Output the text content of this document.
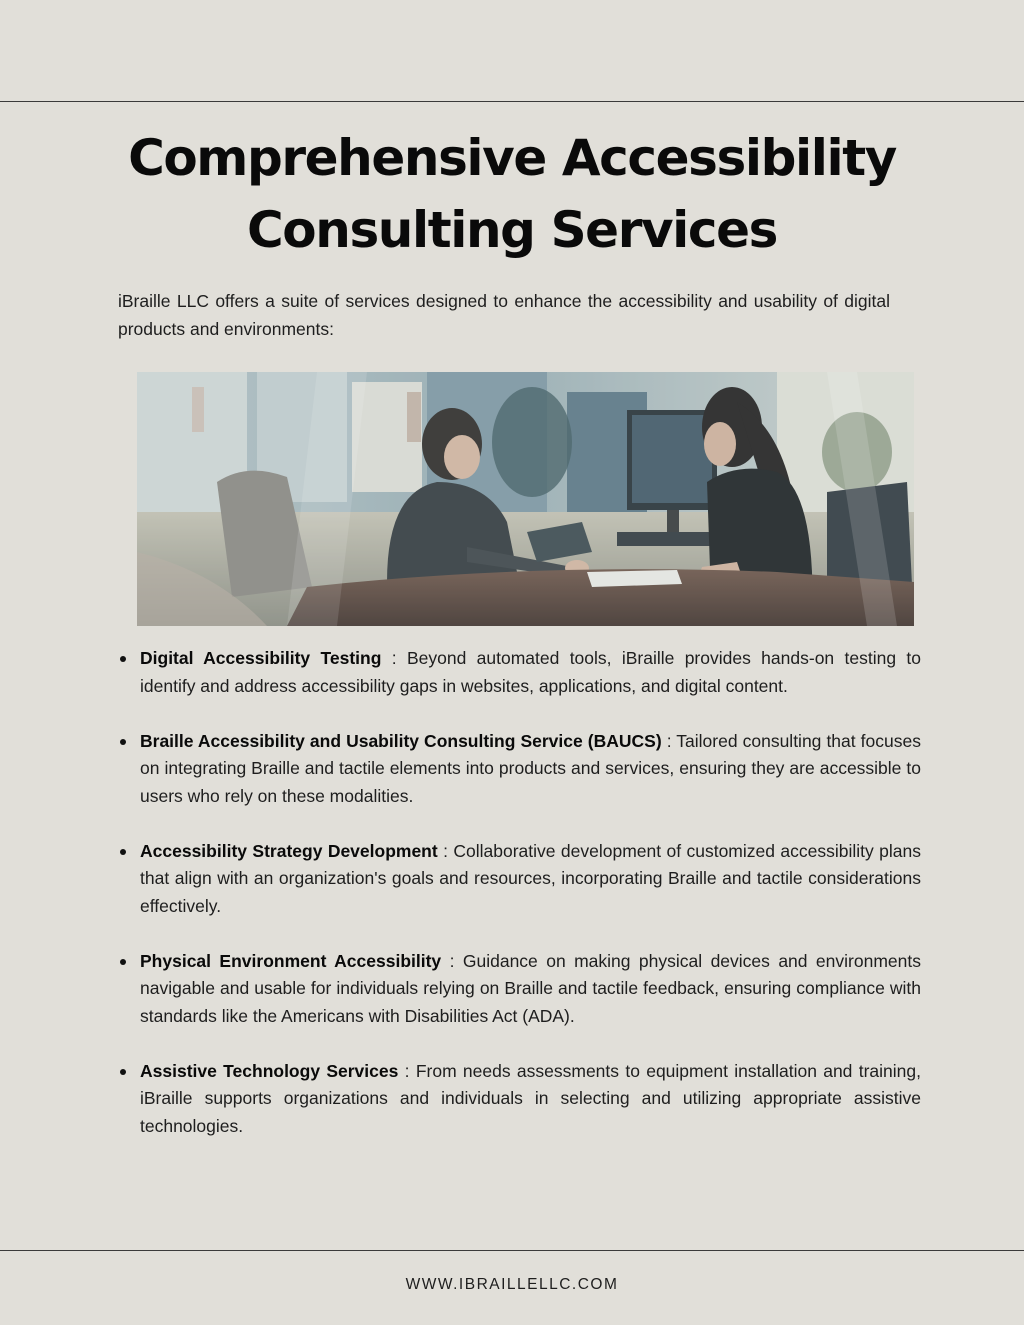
Comprehensive Accessibility
Consulting Services

iBraille LLC offers a suite of services designed to enhance the accessibility and usability of digital products and environments:

Digital Accessibility Testing : Beyond automated tools, iBraille provides hands-on testing to identify and address accessibility gaps in websites, applications, and digital content.
Braille Accessibility and Usability Consulting Service (BAUCS) : Tailored consulting that focuses on integrating Braille and tactile elements into products and services, ensuring they are accessible to users who rely on these modalities.
Accessibility Strategy Development : Collaborative development of customized accessibility plans that align with an organization's goals and resources, incorporating Braille and tactile considerations effectively.
Physical Environment Accessibility : Guidance on making physical devices and environments navigable and usable for individuals relying on Braille and tactile feedback, ensuring compliance with standards like the Americans with Disabilities Act (ADA).
Assistive Technology Services : From needs assessments to equipment installation and training, iBraille supports organizations and individuals in selecting and utilizing appropriate assistive technologies.
WWW.IBRAILLELLC.COM
